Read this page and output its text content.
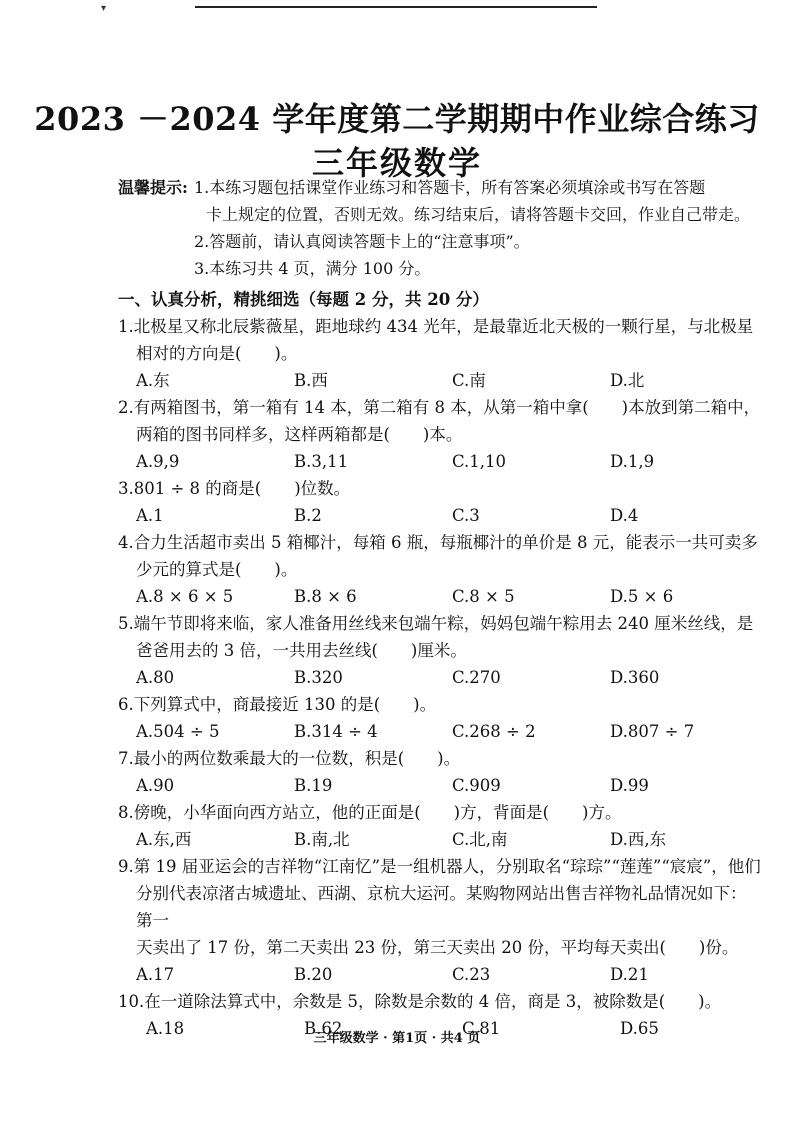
▾
2023 －2024 学年度第二学期期中作业综合练习
三年级数学
温馨提示: 1.本练习题包括课堂作业练习和答题卡，所有答案必须填涂或书写在答题
卡上规定的位置，否则无效。练习结束后，请将答题卡交回，作业自己带走。
2.答题前，请认真阅读答题卡上的“注意事项”。
3.本练习共 4 页，满分 100 分。
一、认真分析，精挑细选（每题 2 分，共 20 分）
1.北极星又称北辰紫薇星，距地球约 434 光年，是最靠近北天极的一颗行星，与北极星
相对的方向是(　　)。
A.东	B.西	C.南	D.北
2.有两箱图书，第一箱有 14 本，第二箱有 8 本，从第一箱中拿(　　)本放到第二箱中，
两箱的图书同样多，这样两箱都是(　　)本。
A.9,9	B.3,11	C.1,10	D.1,9
3.801 ÷ 8 的商是(　　)位数。
A.1	B.2	C.3	D.4
4.合力生活超市卖出 5 箱椰汁，每箱 6 瓶，每瓶椰汁的单价是 8 元，能表示一共可卖多
少元的算式是(　　)。
A.8 × 6 × 5	B.8 × 6	C.8 × 5	D.5 × 6
5.端午节即将来临，家人准备用丝线来包端午粽，妈妈包端午粽用去 240 厘米丝线，是
爸爸用去的 3 倍，一共用去丝线(　　)厘米。
A.80	B.320	C.270	D.360
6.下列算式中，商最接近 130 的是(　　)。
A.504 ÷ 5	B.314 ÷ 4	C.268 ÷ 2	D.807 ÷ 7
7.最小的两位数乘最大的一位数，积是(　　)。
A.90	B.19	C.909	D.99
8.傍晚，小华面向西方站立，他的正面是(　　)方，背面是(　　)方。
A.东,西	B.南,北	C.北,南	D.西,东
9.第 19 届亚运会的吉祥物“江南忆”是一组机器人，分别取名“琮琮”“莲莲”“宸宸”，他们
分别代表凉渚古城遗址、西湖、京杭大运河。某购物网站出售吉祥物礼品情况如下：第一
天卖出了 17 份，第二天卖出 23 份，第三天卖出 20 份，平均每天卖出(　　)份。
A.17	B.20	C.23	D.21
10.在一道除法算式中，余数是 5，除数是余数的 4 倍，商是 3，被除数是(　　)。
A.18	B.62	C.81	D.65
三年级数学 · 第1页 · 共4 页
